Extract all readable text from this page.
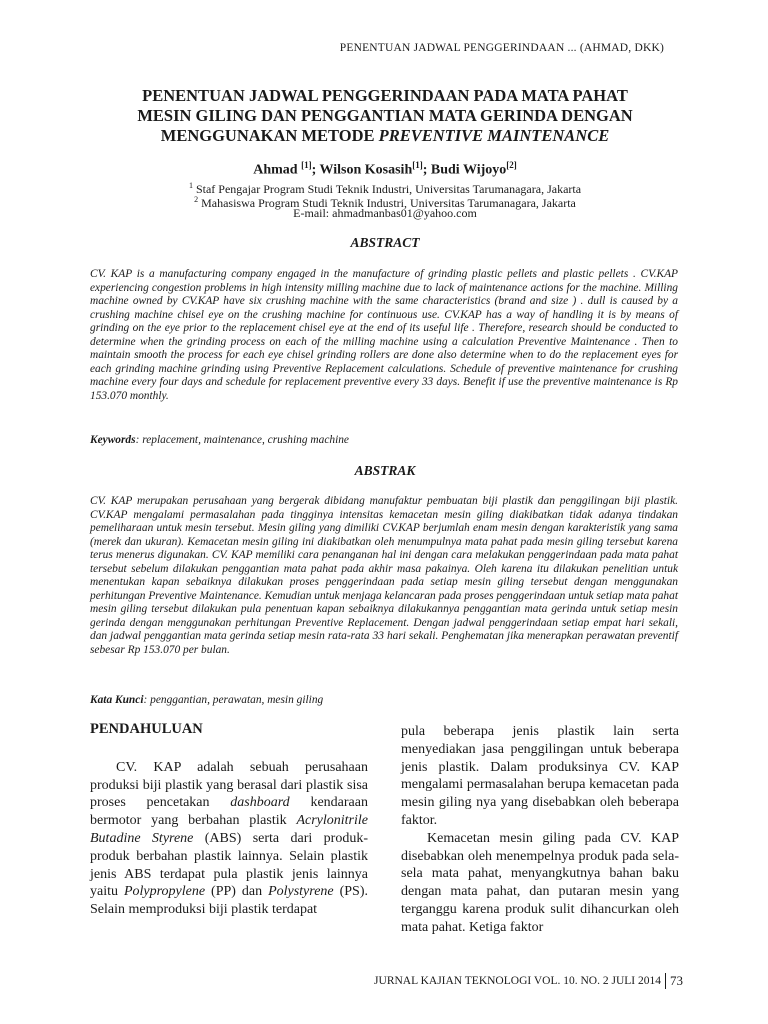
PENENTUAN JADWAL PENGGERINDAAN ... (AHMAD, DKK)
PENENTUAN JADWAL PENGGERINDAAN PADA MATA PAHAT
MESIN GILING DAN PENGGANTIAN MATA GERINDA DENGAN
MENGGUNAKAN METODE PREVENTIVE MAINTENANCE
Ahmad [1]; Wilson Kosasih[1]; Budi Wijoyo[2]
$^1$ Staf Pengajar Program Studi Teknik Industri, Universitas Tarumanagara, Jakarta
$^2$ Mahasiswa Program Studi Teknik Industri, Universitas Tarumanagara, Jakarta
E-mail: ahmadmanbas01@yahoo.com
ABSTRACT
CV. KAP is a manufacturing company engaged in the manufacture of grinding plastic pellets and plastic pellets . CV.KAP experiencing congestion problems in high intensity milling machine due to lack of maintenance actions for the machine. Milling machine owned by CV.KAP have six crushing machine with the same characteristics (brand and size ) . dull is caused by a crushing machine chisel eye on the crushing machine for continuous use. CV.KAP has a way of handling it is by means of grinding on the eye prior to the replacement chisel eye at the end of its useful life . Therefore, research should be conducted to determine when the grinding process on each of the milling machine using a calculation Preventive Maintenance . Then to maintain smooth the process for each eye chisel grinding rollers are done also determine when to do the replacement eyes for each grinding machine grinding using Preventive Replacement calculations. Schedule of preventive maintenance for crushing machine every four days and schedule for replacement preventive every 33 days. Benefit if use the preventive maintenance is Rp 153.070 monthly.
Keywords: replacement, maintenance, crushing machine
ABSTRAK
CV. KAP merupakan perusahaan yang bergerak dibidang manufaktur pembuatan biji plastik dan penggilingan biji plastik. CV.KAP mengalami permasalahan pada tingginya intensitas kemacetan mesin giling diakibatkan tidak adanya tindakan pemeliharaan untuk mesin tersebut. Mesin giling yang dimiliki CV.KAP berjumlah enam mesin dengan karakteristik yang sama (merek dan ukuran). Kemacetan mesin giling ini diakibatkan oleh menumpulnya mata pahat pada mesin giling tersebut karena terus menerus digunakan. CV. KAP memiliki cara penanganan hal ini dengan cara melakukan penggerindaan pada mata pahat tersebut sebelum dilakukan penggantian mata pahat pada akhir masa pakainya. Oleh karena itu dilakukan penelitian untuk menentukan kapan sebaiknya dilakukan proses penggerindaan pada setiap mesin giling tersebut dengan menggunakan perhitungan Preventive Maintenance. Kemudian untuk menjaga kelancaran pada proses penggerindaan untuk setiap mata pahat mesin giling tersebut dilakukan pula penentuan kapan sebaiknya dilakukannya penggantian mata gerinda untuk setiap mesin gerinda dengan menggunakan perhitungan Preventive Replacement. Dengan jadwal penggerindaan setiap empat hari sekali, dan jadwal penggantian mata gerinda setiap mesin rata-rata 33 hari sekali. Penghematan jika menerapkan perawatan preventif sebesar Rp 153.070 per bulan.
Kata Kunci: penggantian, perawatan, mesin giling
PENDAHULUAN

CV. KAP adalah sebuah perusahaan produksi biji plastik yang berasal dari plastik sisa proses pencetakan dashboard kendaraan bermotor yang berbahan plastik Acrylonitrile Butadine Styrene (ABS) serta dari produk-produk berbahan plastik lainnya. Selain plastik jenis ABS terdapat pula plastik jenis lainnya yaitu Polypropylene (PP) dan Polystyrene (PS). Selain memproduksi biji plastik terdapat

pula beberapa jenis plastik lain serta menyediakan jasa penggilingan untuk beberapa jenis plastik. Dalam produksinya CV. KAP mengalami permasalahan berupa kemacetan pada mesin giling nya yang disebabkan oleh beberapa faktor.

Kemacetan mesin giling pada CV. KAP disebabkan oleh menempelnya produk pada sela-sela mata pahat, menyangkutnya bahan baku dengan mata pahat, dan putaran mesin yang terganggu karena produk sulit dihancurkan oleh mata pahat. Ketiga faktor

JURNAL KAJIAN TEKNOLOGI VOL. 10. NO. 2 JULI 2014 73
